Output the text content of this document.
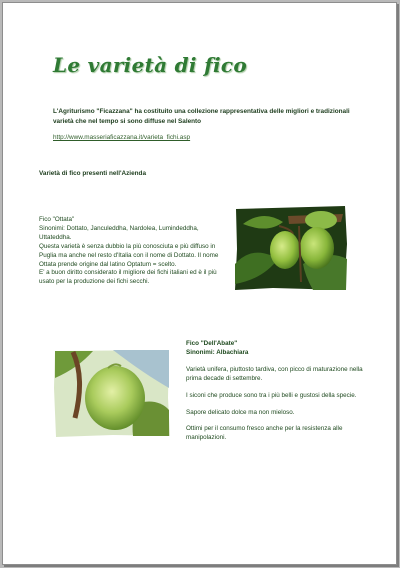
Le varietà di fico
L'Agriturismo "Ficazzana" ha costituito una collezione rappresentativa delle migliori e tradizionali varietà che nel tempo si sono diffuse nel Salento
http://www.masseriaficazzana.it/varieta_fichi.asp
Varietà di fico presenti nell'Azienda

Fico "Ottata"

Sinonimi: Dottato, Janculeddha, Nardolea, Lumindeddha, Uttateddha.

Questa varietà è senza dubbio la più conosciuta e più diffuso in Puglia ma anche nel resto d'Italia con il nome di Dottato. Il nome Ottata prende origine dal latino Optatum = scelto.

E' a buon diritto considerato il migliore dei fichi italiani ed è il più usato per la produzione dei fichi secchi.

Fico "Dell'Abate"

Sinonimi: Albachiara

Varietà unifera, piuttosto tardiva, con picco di maturazione nella prima decade di settembre.

I siconi che produce sono tra i più belli e gustosi della specie.

Sapore delicato dolce ma non mieloso.

Ottimi per il consumo fresco anche per la resistenza alle manipolazioni.
